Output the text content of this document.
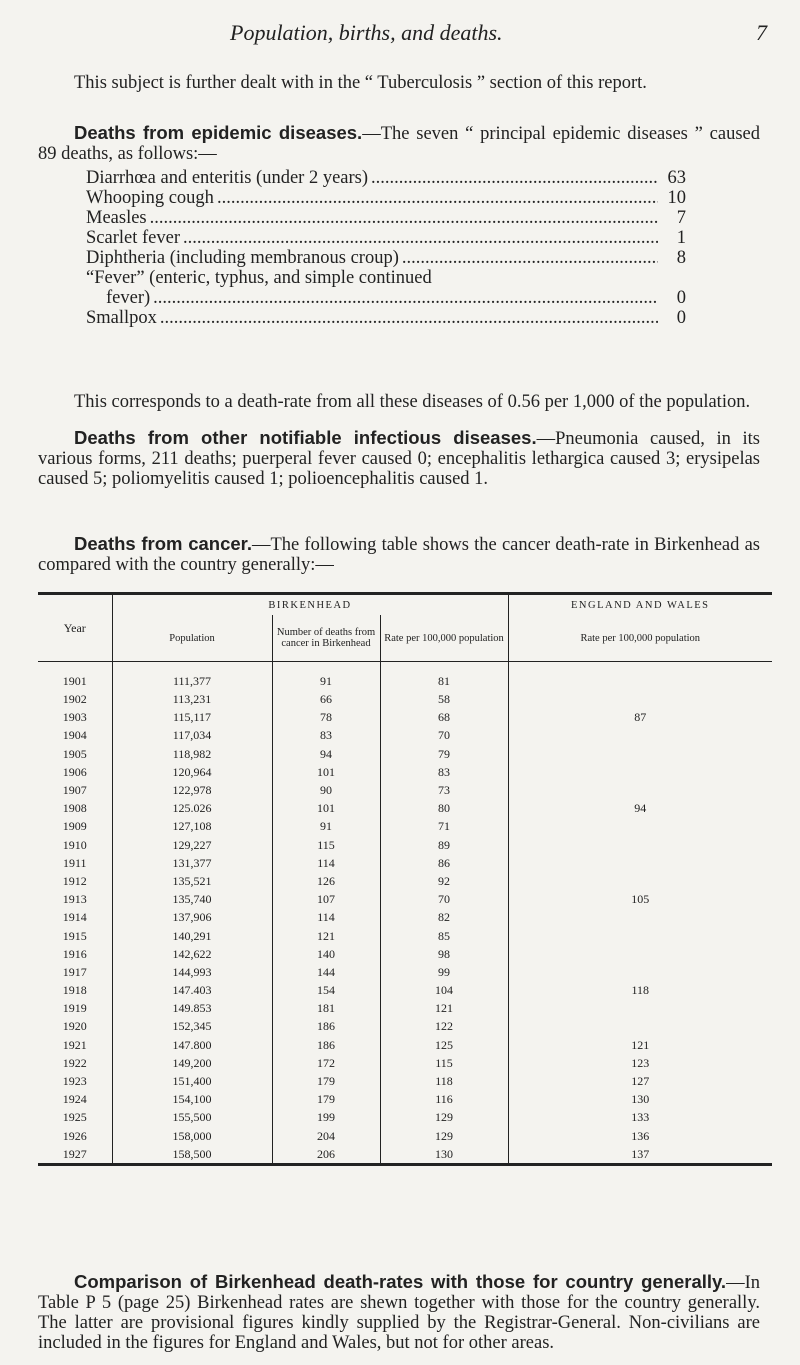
Population, births, and deaths.	7

This subject is further dealt with in the “ Tuberculosis ” section of this report.

Deaths from epidemic diseases.—The seven “ principal epidemic diseases ” caused 89 deaths, as follows:—

Diarrhœa and enteritis (under 2 years) .....	63
Whooping cough .....	10
Measles .....	7
Scarlet fever .....	1
Diphtheria (including membranous croup) .....	8
“Fever” (enteric, typhus, and simple continued
fever) .....	0
Smallpox .....	0

This corresponds to a death-rate from all these diseases of 0.56 per 1,000 of the population.

Deaths from other notifiable infectious diseases.—Pneumonia caused, in its various forms, 211 deaths; puerperal fever caused 0; encephalitis lethargica caused 3; erysipelas caused 5; poliomyelitis caused 1; polioencephalitis caused 1.

Deaths from cancer.—The following table shows the cancer death-rate in Birkenhead as compared with the country generally:—

Year	BIRKENHEAD			ENGLAND AND WALES
	Population	Number of deaths from cancer in Birkenhead	Rate per 100,000 population	Rate per 100,000 population
1901	111,377	91	81	
1902	113,231	66	58	
1903	115,117	78	68	87
1904	117,034	83	70	
1905	118,982	94	79	
1906	120,964	101	83	
1907	122,978	90	73	
1908	125.026	101	80	94
1909	127,108	91	71	
1910	129,227	115	89	
1911	131,377	114	86	
1912	135,521	126	92	
1913	135,740	107	70	105
1914	137,906	114	82	
1915	140,291	121	85	
1916	142,622	140	98	
1917	144,993	144	99	
1918	147.403	154	104	118
1919	149.853	181	121	
1920	152,345	186	122	
1921	147.800	186	125	121
1922	149,200	172	115	123
1923	151,400	179	118	127
1924	154,100	179	116	130
1925	155,500	199	129	133
1926	158,000	204	129	136
1927	158,500	206	130	137

Comparison of Birkenhead death-rates with those for country generally.—In Table P 5 (page 25) Birkenhead rates are shewn together with those for the country generally. The latter are provisional figures kindly supplied by the Registrar-General. Non-civilians are included in the figures for England and Wales, but not for other areas.
